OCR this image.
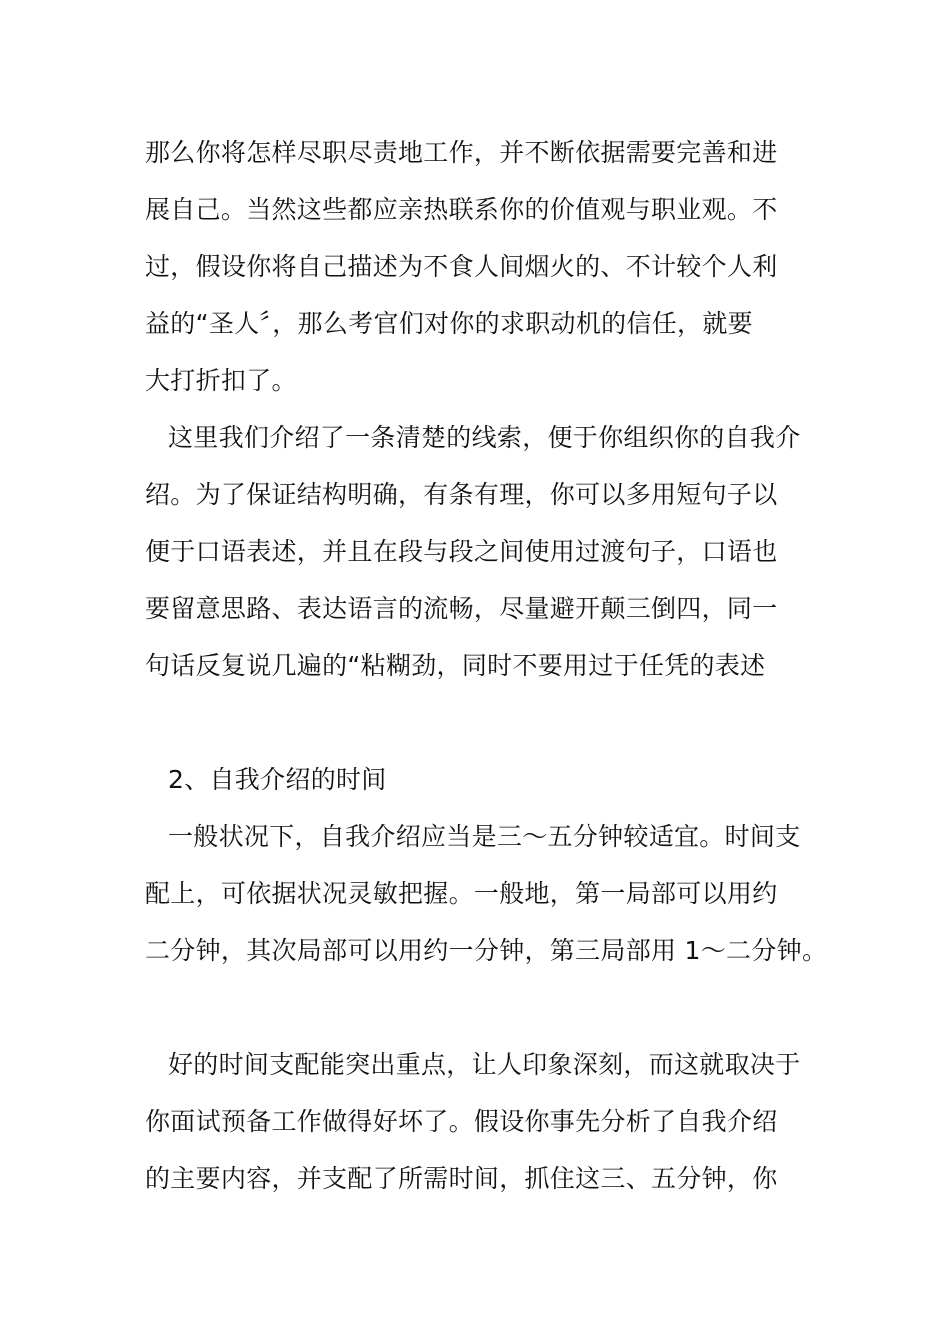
那么你将怎样尽职尽责地工作，并不断依据需要完善和进
展自己。当然这些都应亲热联系你的价值观与职业观。不
过，假设你将自己描述为不食人间烟火的、不计较个人利
益的“圣人〞，那么考官们对你的求职动机的信任，就要
大打折扣了。
这里我们介绍了一条清楚的线索，便于你组织你的自我介
绍。为了保证结构明确，有条有理，你可以多用短句子以
便于口语表述，并且在段与段之间使用过渡句子，口语也
要留意思路、表达语言的流畅，尽量避开颠三倒四，同一
句话反复说几遍的“粘糊劲，同时不要用过于任凭的表述
2、自我介绍的时间
一般状况下，自我介绍应当是三～五分钟较适宜。时间支
配上，可依据状况灵敏把握。一般地，第一局部可以用约
二分钟，其次局部可以用约一分钟，第三局部用 1～二分钟。
好的时间支配能突出重点，让人印象深刻，而这就取决于
你面试预备工作做得好坏了。假设你事先分析了自我介绍
的主要内容，并支配了所需时间，抓住这三、五分钟，你
